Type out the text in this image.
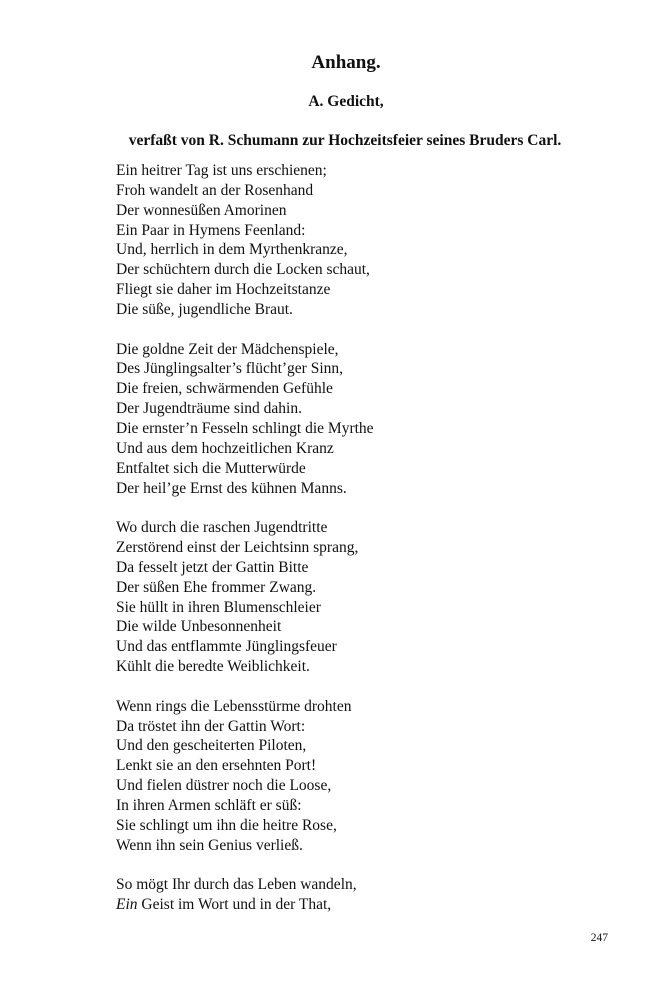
Anhang.
A. Gedicht,
verfaßt von R. Schumann zur Hochzeitsfeier seines Bruders Carl.
Ein heitrer Tag ist uns erschienen;
Froh wandelt an der Rosenhand
Der wonnesüßen Amorinen
Ein Paar in Hymens Feenland:
Und, herrlich in dem Myrthenkranze,
Der schüchtern durch die Locken schaut,
Fliegt sie daher im Hochzeitstanze
Die süße, jugendliche Braut.
Die goldne Zeit der Mädchenspiele,
Des Jünglingsalter’s flücht’ger Sinn,
Die freien, schwärmenden Gefühle
Der Jugendträume sind dahin.
Die ernster’n Fesseln schlingt die Myrthe
Und aus dem hochzeitlichen Kranz
Entfaltet sich die Mutterwürde
Der heil’ge Ernst des kühnen Manns.
Wo durch die raschen Jugendtritte
Zerstörend einst der Leichtsinn sprang,
Da fesselt jetzt der Gattin Bitte
Der süßen Ehe frommer Zwang.
Sie hüllt in ihren Blumenschleier
Die wilde Unbesonnenheit
Und das entflammte Jünglingsfeuer
Kühlt die beredte Weiblichkeit.
Wenn rings die Lebensstürme drohten
Da tröstet ihn der Gattin Wort:
Und den gescheiterten Piloten,
Lenkt sie an den ersehnten Port!
Und fielen düstrer noch die Loose,
In ihren Armen schläft er süß:
Sie schlingt um ihn die heitre Rose,
Wenn ihn sein Genius verließ.
So mögt Ihr durch das Leben wandeln,
Ein Geist im Wort und in der That,

247
